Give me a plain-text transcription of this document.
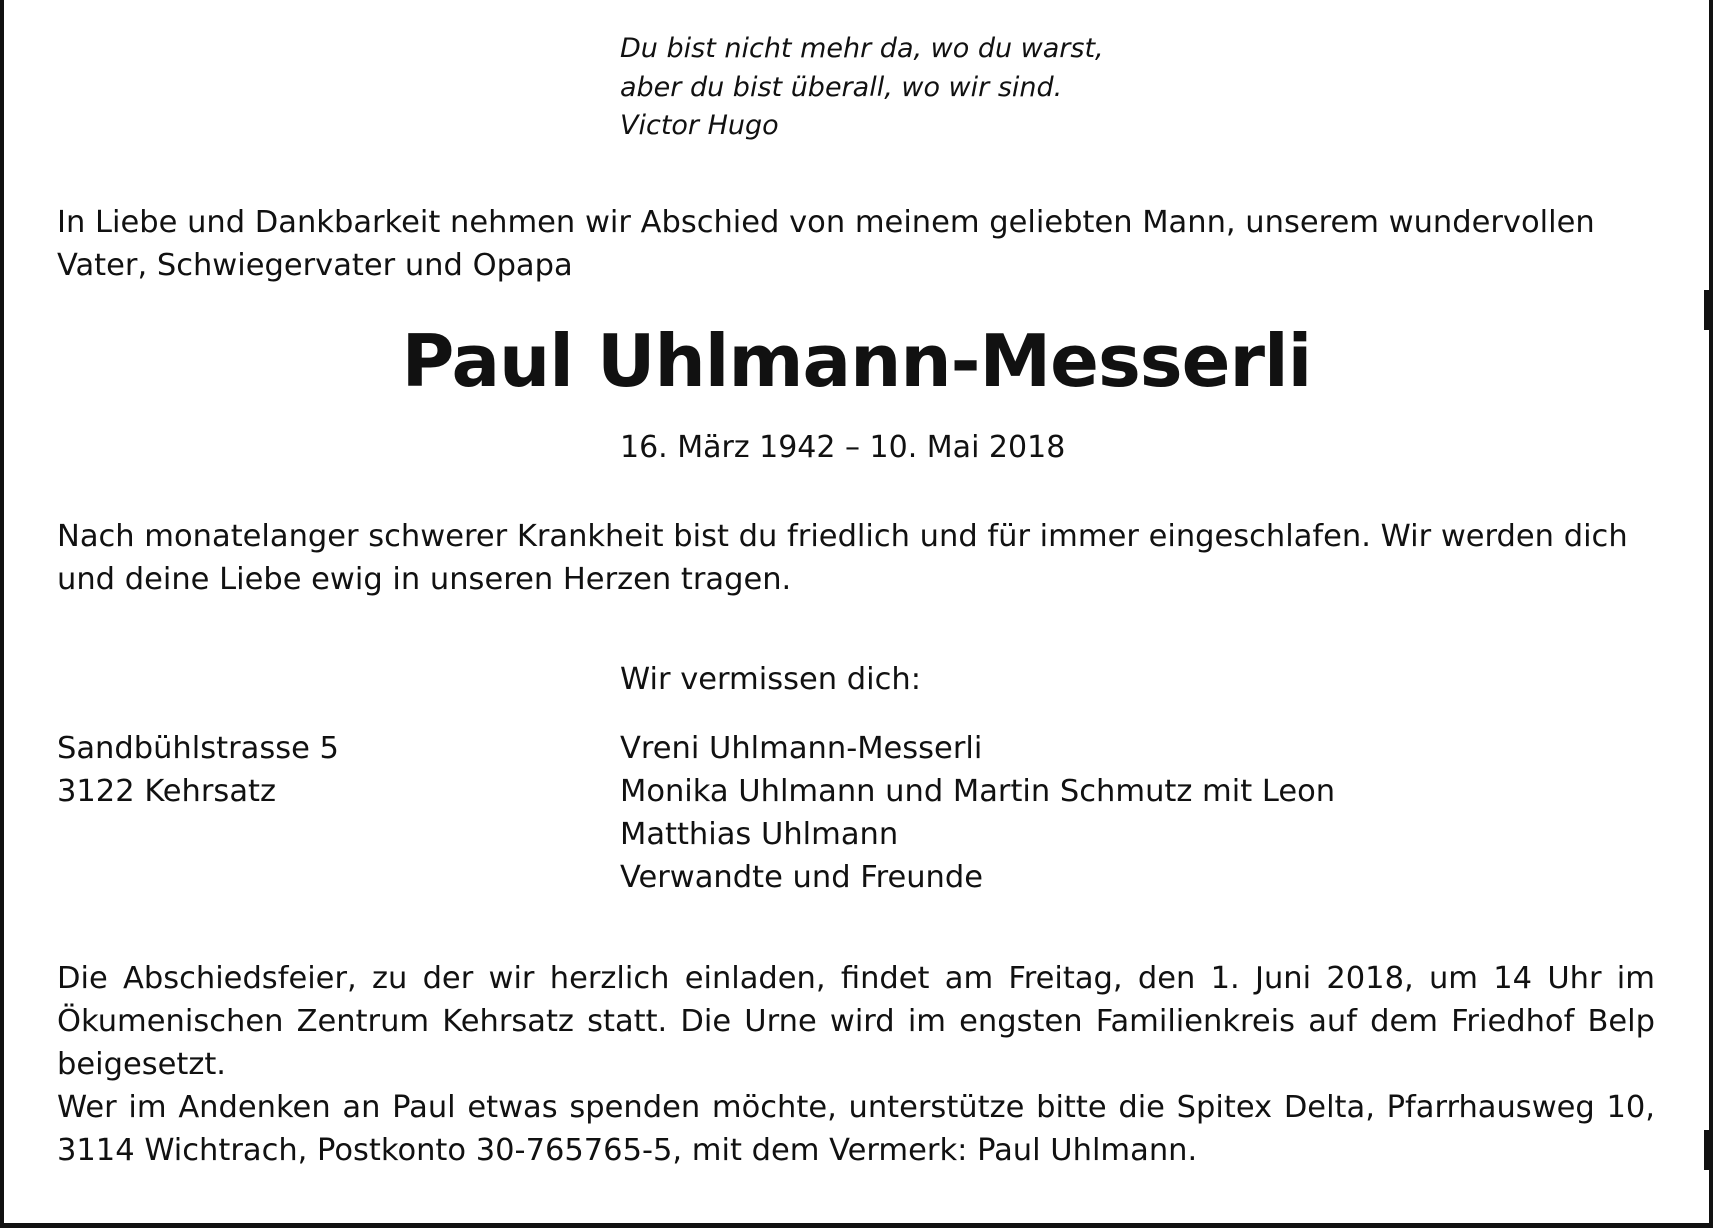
Du bist nicht mehr da, wo du warst,
aber du bist überall, wo wir sind.
Victor Hugo
In Liebe und Dankbarkeit nehmen wir Abschied von meinem geliebten Mann, unserem wundervollen Vater, Schwiegervater und Opapa
Paul Uhlmann-Messerli
16. März 1942 – 10. Mai 2018
Nach monatelanger schwerer Krankheit bist du friedlich und für immer eingeschlafen. Wir werden dich und deine Liebe ewig in unseren Herzen tragen.
Wir vermissen dich:
Sandbühlstrasse 5
3122 Kehrsatz
Vreni Uhlmann-Messerli
Monika Uhlmann und Martin Schmutz mit Leon
Matthias Uhlmann
Verwandte und Freunde
Die Abschiedsfeier, zu der wir herzlich einladen, findet am Freitag, den 1. Juni 2018, um 14 Uhr im Ökumenischen Zentrum Kehrsatz statt. Die Urne wird im engsten Familienkreis auf dem Friedhof Belp beigesetzt.
Wer im Andenken an Paul etwas spenden möchte, unterstütze bitte die Spitex Delta, Pfarrhausweg 10, 3114 Wichtrach, Postkonto 30-765765-5, mit dem Vermerk: Paul Uhlmann.
